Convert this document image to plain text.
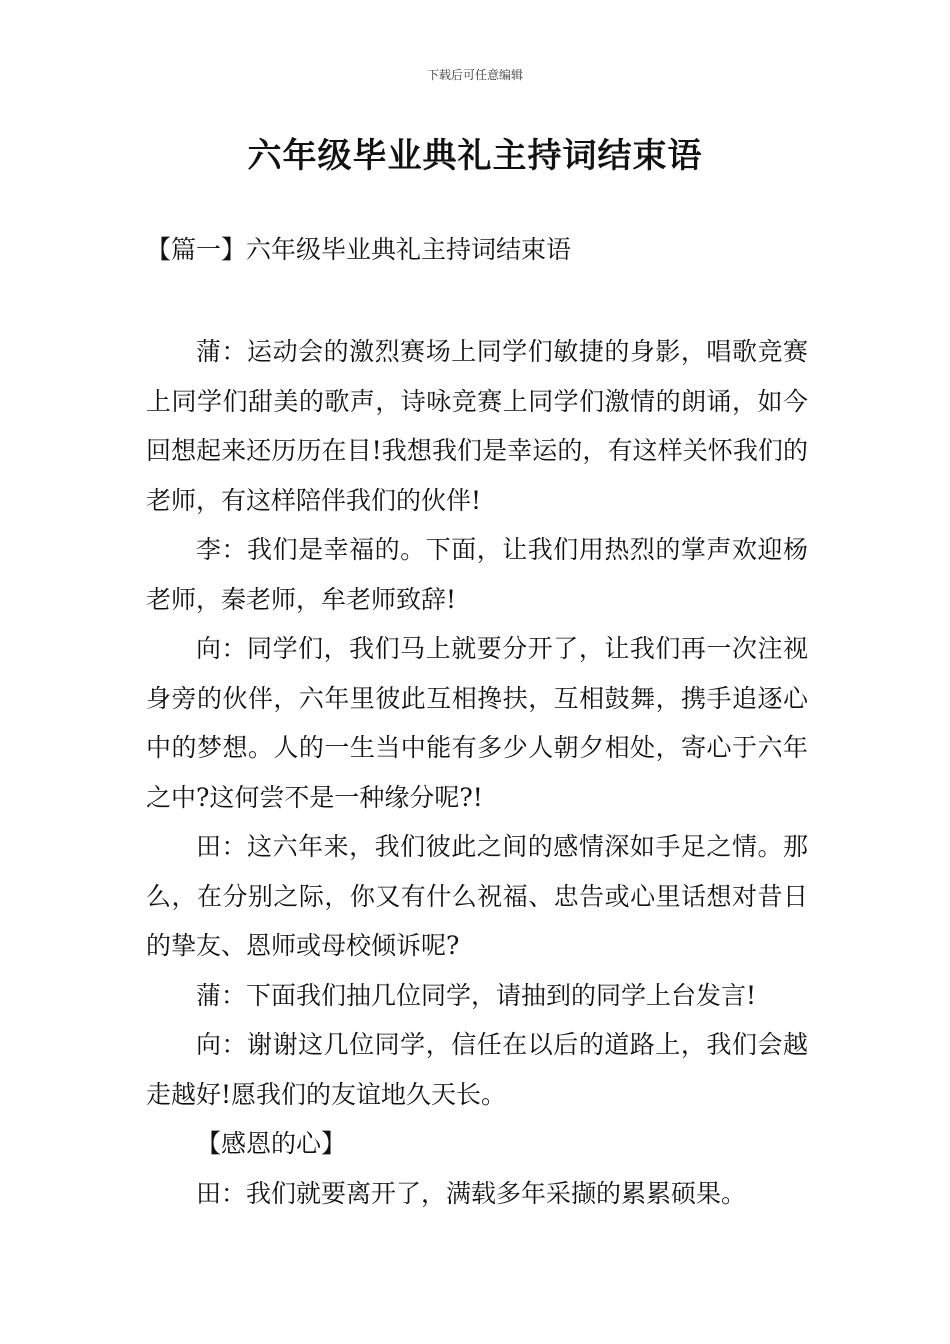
下载后可任意编辑
六年级毕业典礼主持词结束语
【篇一】六年级毕业典礼主持词结束语

蒲：运动会的激烈赛场上同学们敏捷的身影，唱歌竞赛上同学们甜美的歌声，诗咏竞赛上同学们激情的朗诵，如今回想起来还历历在目!我想我们是幸运的，有这样关怀我们的老师，有这样陪伴我们的伙伴!

李：我们是幸福的。下面，让我们用热烈的掌声欢迎杨老师，秦老师，牟老师致辞!

向：同学们，我们马上就要分开了，让我们再一次注视身旁的伙伴，六年里彼此互相搀扶，互相鼓舞，携手追逐心中的梦想。人的一生当中能有多少人朝夕相处，寄心于六年之中?这何尝不是一种缘分呢?!

田：这六年来，我们彼此之间的感情深如手足之情。那么，在分别之际，你又有什么祝福、忠告或心里话想对昔日的挚友、恩师或母校倾诉呢?

蒲：下面我们抽几位同学，请抽到的同学上台发言!

向：谢谢这几位同学，信任在以后的道路上，我们会越走越好!愿我们的友谊地久天长。

【感恩的心】

田：我们就要离开了，满载多年采撷的累累硕果。
